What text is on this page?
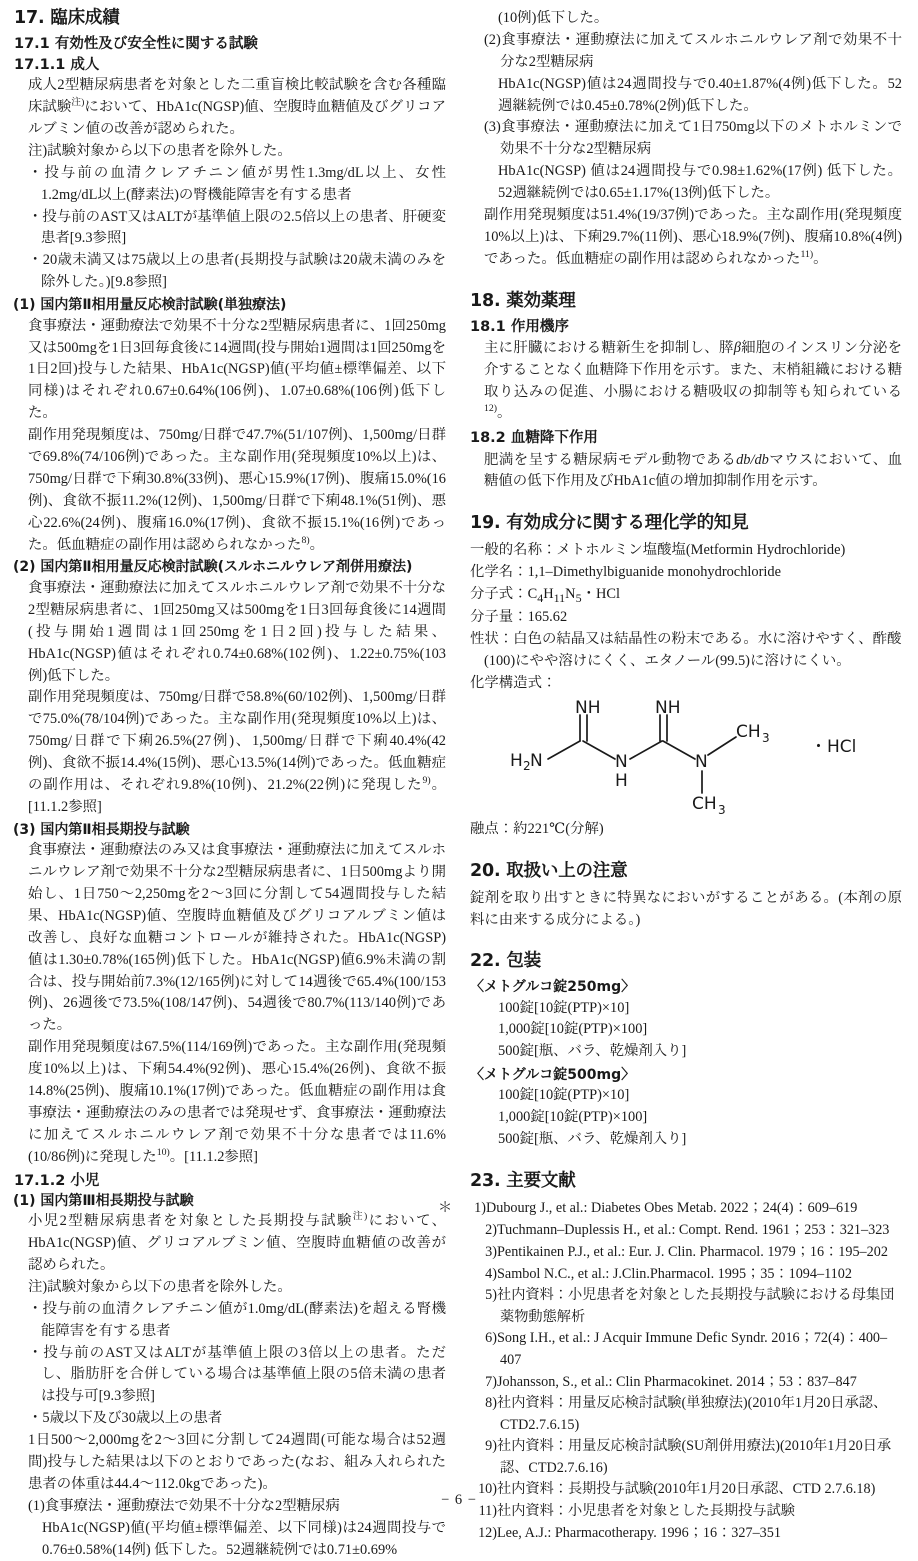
17. 臨床成績
17.1 有効性及び安全性に関する試験
17.1.1 成人

成人2型糖尿病患者を対象とした二重盲検比較試験を含む各種臨床試験$^{注)}$において、HbA1c(NGSP)値、空腹時血糖値及びグリコアルブミン値の改善が認められた。

注)試験対象から以下の患者を除外した。

・投与前の血清クレアチニン値が男性1.3mg/dL以上、女性1.2mg/dL以上(酵素法)の腎機能障害を有する患者

・投与前のAST又はALTが基準値上限の2.5倍以上の患者、肝硬変患者[9.3参照]

・20歳未満又は75歳以上の患者(長期投与試験は20歳未満のみを除外した。)[9.8参照]

(1) 国内第Ⅱ相用量反応検討試験(単独療法)

食事療法・運動療法で効果不十分な2型糖尿病患者に、1回250mg又は500mgを1日3回毎食後に14週間(投与開始1週間は1回250mgを1日2回)投与した結果、HbA1c(NGSP)値(平均値±標準偏差、以下同様)はそれぞれ0.67±0.64%(106例)、1.07±0.68%(106例)低下した。

副作用発現頻度は、750mg/日群で47.7%(51/107例)、1,500mg/日群で69.8%(74/106例)であった。主な副作用(発現頻度10%以上)は、750mg/日群で下痢30.8%(33例)、悪心15.9%(17例)、腹痛15.0%(16例)、食欲不振11.2%(12例)、1,500mg/日群で下痢48.1%(51例)、悪心22.6%(24例)、腹痛16.0%(17例)、食欲不振15.1%(16例)であった。低血糖症の副作用は認められなかった$^{8)}$。

(2) 国内第Ⅱ相用量反応検討試験(スルホニルウレア剤併用療法)

食事療法・運動療法に加えてスルホニルウレア剤で効果不十分な2型糖尿病患者に、1回250mg又は500mgを1日3回毎食後に14週間(投与開始1週間は1回250mgを1日2回)投与した結果、HbA1c(NGSP)値はそれぞれ0.74±0.68%(102例)、1.22±0.75%(103例)低下した。

副作用発現頻度は、750mg/日群で58.8%(60/102例)、1,500mg/日群で75.0%(78/104例)であった。主な副作用(発現頻度10%以上)は、750mg/日群で下痢26.5%(27例)、1,500mg/日群で下痢40.4%(42例)、食欲不振14.4%(15例)、悪心13.5%(14例)であった。低血糖症の副作用は、それぞれ9.8%(10例)、21.2%(22例)に発現した$^{9)}$。[11.1.2参照]

(3) 国内第Ⅱ相長期投与試験

食事療法・運動療法のみ又は食事療法・運動療法に加えてスルホニルウレア剤で効果不十分な2型糖尿病患者に、1日500mgより開始し、1日750〜2,250mgを2〜3回に分割して54週間投与した結果、HbA1c(NGSP)値、空腹時血糖値及びグリコアルブミン値は改善し、良好な血糖コントロールが維持された。HbA1c(NGSP)値は1.30±0.78%(165例)低下した。HbA1c(NGSP)値6.9%未満の割合は、投与開始前7.3%(12/165例)に対して14週後で65.4%(100/153例)、26週後で73.5%(108/147例)、54週後で80.7%(113/140例)であった。

副作用発現頻度は67.5%(114/169例)であった。主な副作用(発現頻度10%以上)は、下痢54.4%(92例)、悪心15.4%(26例)、食欲不振14.8%(25例)、腹痛10.1%(17例)であった。低血糖症の副作用は食事療法・運動療法のみの患者では発現せず、食事療法・運動療法に加えてスルホニルウレア剤で効果不十分な患者では11.6%(10/86例)に発現した$^{10)}$。[11.1.2参照]

17.1.2 小児
(1) 国内第Ⅲ相長期投与試験

小児2型糖尿病患者を対象とした長期投与試験$^{注)}$において、HbA1c(NGSP)値、グリコアルブミン値、空腹時血糖値の改善が認められた。

注)試験対象から以下の患者を除外した。

・投与前の血清クレアチニン値が1.0mg/dL(酵素法)を超える腎機能障害を有する患者

・投与前のAST又はALTが基準値上限の3倍以上の患者。ただし、脂肪肝を合併している場合は基準値上限の5倍未満の患者は投与可[9.3参照]

・5歳以下及び30歳以上の患者

1日500〜2,000mgを2〜3回に分割して24週間(可能な場合は52週間)投与した結果は以下のとおりであった(なお、組み入れられた患者の体重は44.4〜112.0kgであった)。

(1)食事療法・運動療法で効果不十分な2型糖尿病

HbA1c(NGSP)値(平均値±標準偏差、以下同様)は24週間投与で0.76±0.58%(14例) 低下した。52週継続例では0.71±0.69%

(10例)低下した。

(2)食事療法・運動療法に加えてスルホニルウレア剤で効果不十分な2型糖尿病

HbA1c(NGSP)値は24週間投与で0.40±1.87%(4例)低下した。52週継続例では0.45±0.78%(2例)低下した。

(3)食事療法・運動療法に加えて1日750mg以下のメトホルミンで効果不十分な2型糖尿病

HbA1c(NGSP) 値は24週間投与で0.98±1.62%(17例) 低下した。52週継続例では0.65±1.17%(13例)低下した。

副作用発現頻度は51.4%(19/37例)であった。主な副作用(発現頻度10%以上)は、下痢29.7%(11例)、悪心18.9%(7例)、腹痛10.8%(4例)であった。低血糖症の副作用は認められなかった$^{11)}$。

18. 薬効薬理
18.1 作用機序

主に肝臓における糖新生を抑制し、膵β細胞のインスリン分泌を介することなく血糖降下作用を示す。また、末梢組織における糖取り込みの促進、小腸における糖吸収の抑制等も知られている$^{12)}$。

18.2 血糖降下作用

肥満を呈する糖尿病モデル動物であるdb/dbマウスにおいて、血糖値の低下作用及びHbA1c値の増加抑制作用を示す。

19. 有効成分に関する理化学的知見

一般的名称：メトホルミン塩酸塩(Metformin Hydrochloride)

化学名：1,1–Dimethylbiguanide monohydrochloride

分子式：$C_4H_{11}N_5$・HCl

分子量：165.62

性状：白色の結晶又は結晶性の粉末である。水に溶けやすく、酢酸

(100)にやや溶けにくく、エタノール(99.5)に溶けにくい。

化学構造式：

H 2 N
NH	NH
N
H
N
CH 3
CH 3
・HCl

融点：約221℃(分解)

20. 取扱い上の注意

錠剤を取り出すときに特異なにおいがすることがある。(本剤の原料に由来する成分による。)

22. 包装
〈メトグルコ錠250mg〉

100錠[10錠(PTP)×10]

1,000錠[10錠(PTP)×100]

500錠[瓶、バラ、乾燥剤入り]

〈メトグルコ錠500mg〉

100錠[10錠(PTP)×10]

1,000錠[10錠(PTP)×100]

500錠[瓶、バラ、乾燥剤入り]

23. 主要文献
＊ 1)Dubourg J., et al.: Diabetes Obes Metab. 2022；24(4)：609–619
2)Tuchmann–Duplessis H., et al.: Compt. Rend. 1961；253：321–323
3)Pentikainen P.J., et al.: Eur. J. Clin. Pharmacol. 1979；16：195–202
4)Sambol N.C., et al.: J.Clin.Pharmacol. 1995；35：1094–1102
5)社内資料：小児患者を対象とした長期投与試験における母集団薬物動態解析
6)Song I.H., et al.: J Acquir Immune Defic Syndr. 2016；72(4)：400–407
7)Johansson, S., et al.: Clin Pharmacokinet. 2014；53：837–847
8)社内資料：用量反応検討試験(単独療法)(2010年1月20日承認、CTD2.7.6.15)
9)社内資料：用量反応検討試験(SU剤併用療法)(2010年1月20日承認、CTD2.7.6.16)
10)社内資料：長期投与試験(2010年1月20日承認、CTD 2.7.6.18)
11)社内資料：小児患者を対象とした長期投与試験
12)Lee, A.J.: Pharmacotherapy. 1996；16：327–351
− 6 −
